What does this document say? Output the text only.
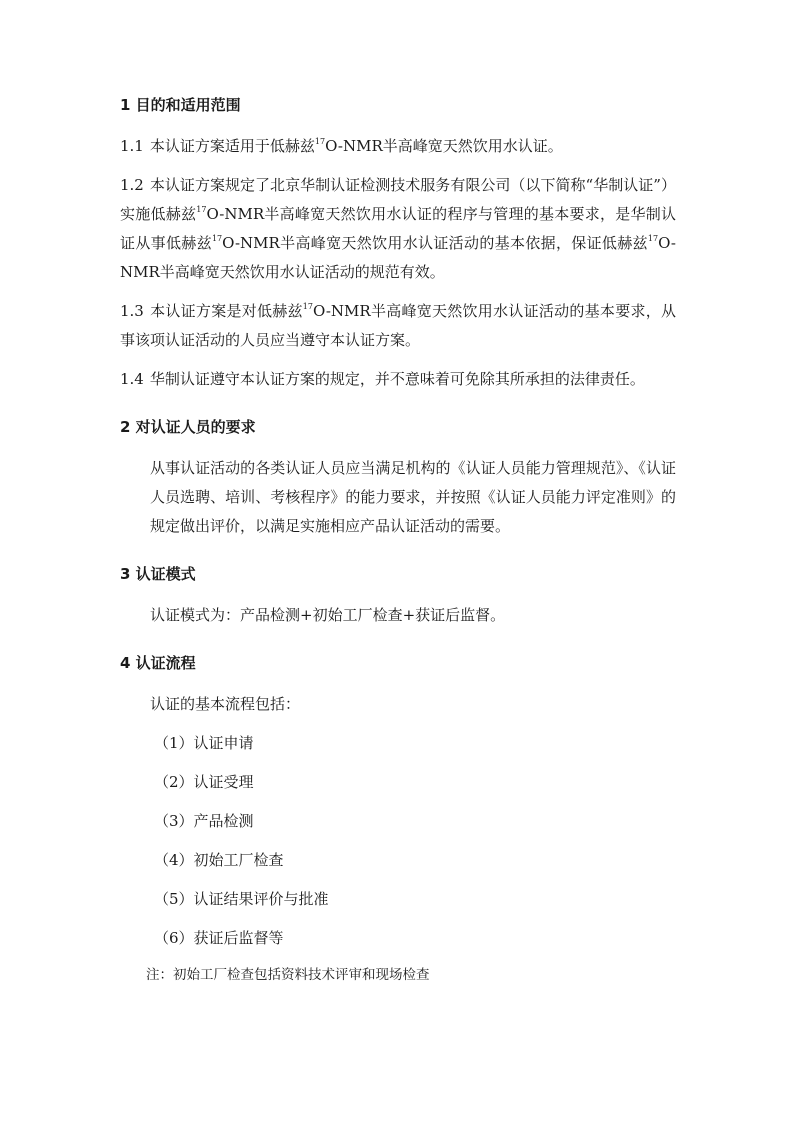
1 目的和适用范围

1.1 本认证方案适用于低赫兹$^{17}$O-NMR半高峰宽天然饮用水认证。

1.2 本认证方案规定了北京华制认证检测技术服务有限公司（以下简称“华制认证”）实施低赫兹$^{17}$O-NMR半高峰宽天然饮用水认证的程序与管理的基本要求，是华制认证从事低赫兹$^{17}$O-NMR半高峰宽天然饮用水认证活动的基本依据，保证低赫兹$^{17}$O-NMR半高峰宽天然饮用水认证活动的规范有效。

1.3 本认证方案是对低赫兹$^{17}$O-NMR半高峰宽天然饮用水认证活动的基本要求，从事该项认证活动的人员应当遵守本认证方案。

1.4 华制认证遵守本认证方案的规定，并不意味着可免除其所承担的法律责任。

2 对认证人员的要求

从事认证活动的各类认证人员应当满足机构的《认证人员能力管理规范》、《认证人员选聘、培训、考核程序》的能力要求，并按照《认证人员能力评定准则》的规定做出评价，以满足实施相应产品认证活动的需要。

3 认证模式

认证模式为：产品检测+初始工厂检查+获证后监督。

4 认证流程

认证的基本流程包括：

（1）认证申请

（2）认证受理

（3）产品检测

（4）初始工厂检查

（5）认证结果评价与批准

（6）获证后监督等

注：初始工厂检查包括资料技术评审和现场检查
